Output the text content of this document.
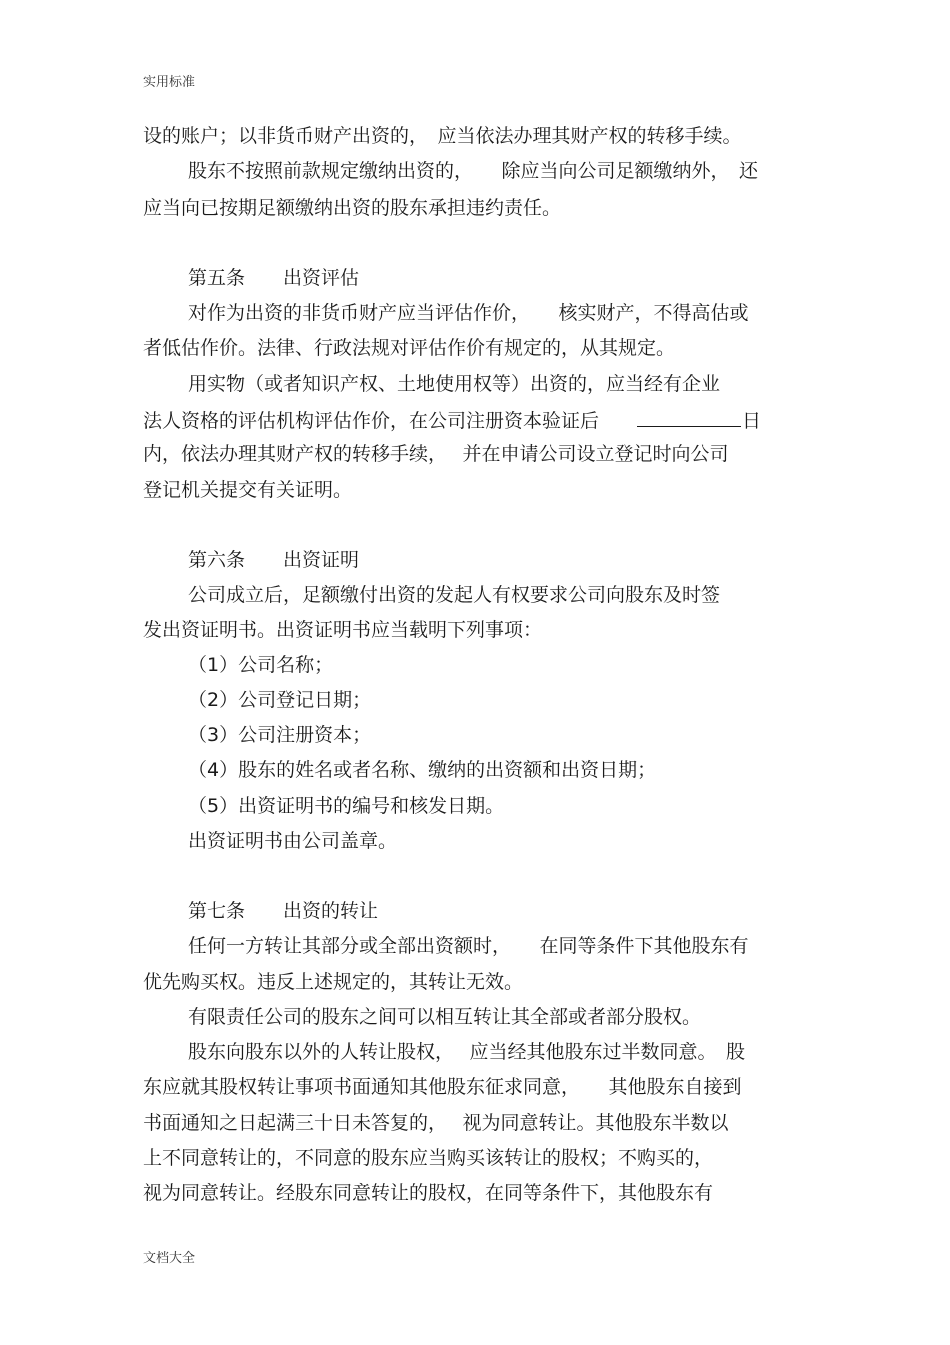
实用标准
设的账户；以非货币财产出资的，　应当依法办理其财产权的转移手续。
股东不按照前款规定缴纳出资的，　　除应当向公司足额缴纳外，　还
应当向已按期足额缴纳出资的股东承担违约责任。
第五条　　出资评估
对作为出资的非货币财产应当评估作价，　　核实财产，不得高估或
者低估作价。法律、行政法规对评估作价有规定的，从其规定。
用实物（或者知识产权、土地使用权等）出资的，应当经有企业
法人资格的评估机构评估作价，在公司注册资本验证后　　	日
内，依法办理其财产权的转移手续，　 并在申请公司设立登记时向公司
登记机关提交有关证明。
第六条　　出资证明
公司成立后，足额缴付出资的发起人有权要求公司向股东及时签
发出资证明书。出资证明书应当载明下列事项：
（1）公司名称；
（2）公司登记日期；
（3）公司注册资本；
（4）股东的姓名或者名称、缴纳的出资额和出资日期；
（5）出资证明书的编号和核发日期。
出资证明书由公司盖章。
第七条　　出资的转让
任何一方转让其部分或全部出资额时，　　在同等条件下其他股东有
优先购买权。违反上述规定的，其转让无效。
有限责任公司的股东之间可以相互转让其全部或者部分股权。
股东向股东以外的人转让股权，　 应当经其他股东过半数同意。　股
东应就其股权转让事项书面通知其他股东征求同意，　　其他股东自接到
书面通知之日起满三十日未答复的，　 视为同意转让。其他股东半数以
上不同意转让的，不同意的股东应当购买该转让的股权；不购买的，
视为同意转让。经股东同意转让的股权，在同等条件下，其他股东有
文档大全
